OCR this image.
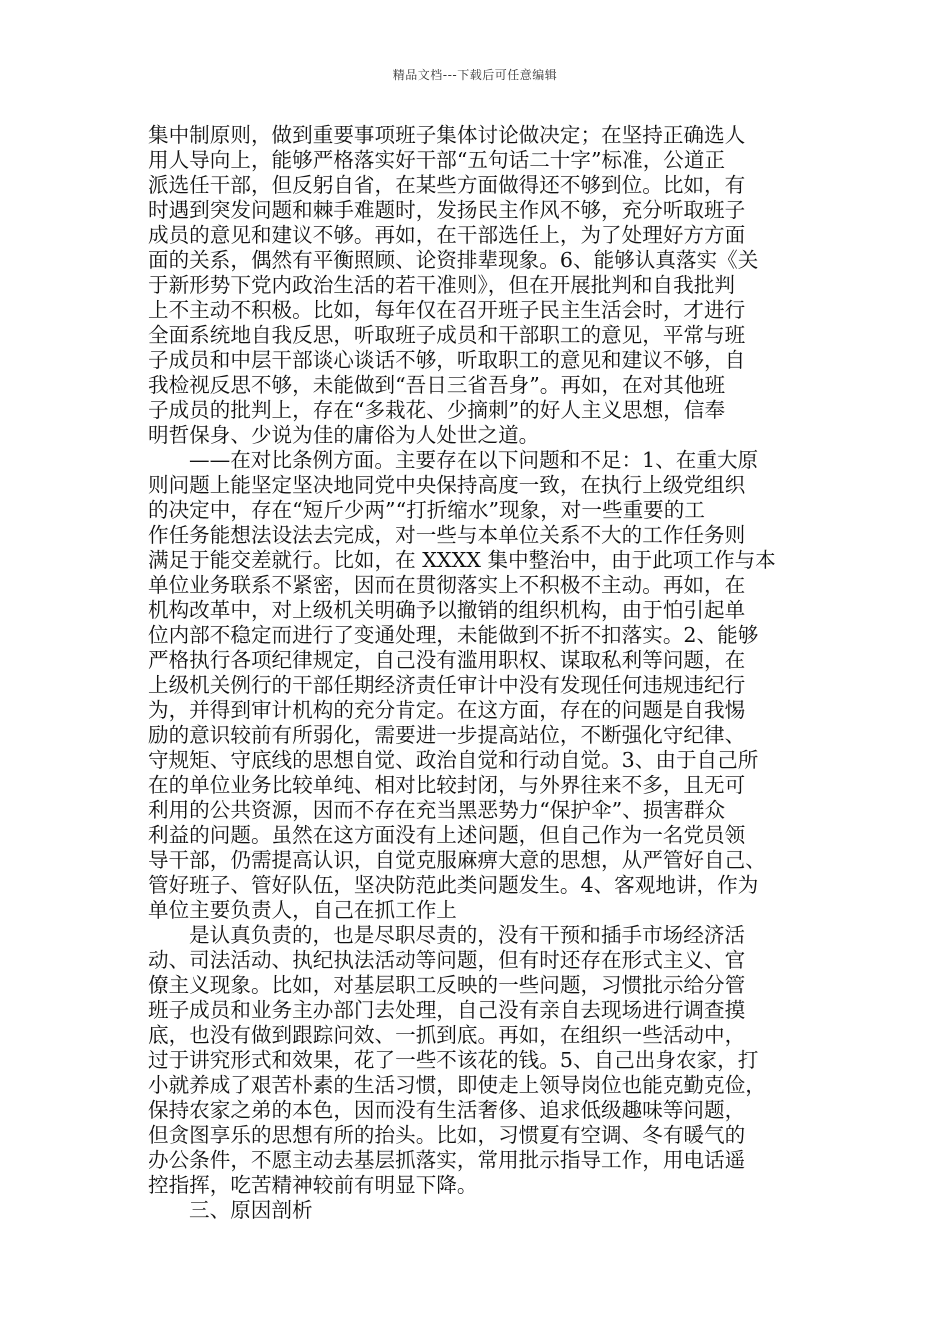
精品文档---下载后可任意编辑
集中制原则，做到重要事项班子集体讨论做决定；在坚持正确选人
用人导向上，能够严格落实好干部“五句话二十字”标准，公道正
派选任干部，但反躬自省，在某些方面做得还不够到位。比如，有
时遇到突发问题和棘手难题时，发扬民主作风不够，充分听取班子
成员的意见和建议不够。再如，在干部选任上，为了处理好方方面
面的关系，偶然有平衡照顾、论资排辈现象。6、能够认真落实《关
于新形势下党内政治生活的若干准则》，但在开展批判和自我批判
上不主动不积极。比如，每年仅在召开班子民主生活会时，才进行
全面系统地自我反思，听取班子成员和干部职工的意见，平常与班
子成员和中层干部谈心谈话不够，听取职工的意见和建议不够，自
我检视反思不够，未能做到“吾日三省吾身”。再如，在对其他班
子成员的批判上，存在“多栽花、少摘刺”的好人主义思想，信奉
明哲保身、少说为佳的庸俗为人处世之道。
——在对比条例方面。主要存在以下问题和不足：1、在重大原
则问题上能坚定坚决地同党中央保持高度一致，在执行上级党组织
的决定中，存在“短斤少两”“打折缩水”现象，对一些重要的工
作任务能想法设法去完成，对一些与本单位关系不大的工作任务则
满足于能交差就行。比如，在 XXXX 集中整治中，由于此项工作与本
单位业务联系不紧密，因而在贯彻落实上不积极不主动。再如，在
机构改革中，对上级机关明确予以撤销的组织机构，由于怕引起单
位内部不稳定而进行了变通处理，未能做到不折不扣落实。2、能够
严格执行各项纪律规定，自己没有滥用职权、谋取私利等问题，在
上级机关例行的干部任期经济责任审计中没有发现任何违规违纪行
为，并得到审计机构的充分肯定。在这方面，存在的问题是自我惕
励的意识较前有所弱化，需要进一步提高站位，不断强化守纪律、
守规矩、守底线的思想自觉、政治自觉和行动自觉。3、由于自己所
在的单位业务比较单纯、相对比较封闭，与外界往来不多，且无可
利用的公共资源，因而不存在充当黑恶势力“保护伞”、损害群众
利益的问题。虽然在这方面没有上述问题，但自己作为一名党员领
导干部，仍需提高认识，自觉克服麻痹大意的思想，从严管好自己、
管好班子、管好队伍，坚决防范此类问题发生。4、客观地讲，作为
单位主要负责人，自己在抓工作上
是认真负责的，也是尽职尽责的，没有干预和插手市场经济活
动、司法活动、执纪执法活动等问题，但有时还存在形式主义、官
僚主义现象。比如，对基层职工反映的一些问题，习惯批示给分管
班子成员和业务主办部门去处理，自己没有亲自去现场进行调查摸
底，也没有做到跟踪问效、一抓到底。再如，在组织一些活动中，
过于讲究形式和效果，花了一些不该花的钱。5、自己出身农家，打
小就养成了艰苦朴素的生活习惯，即使走上领导岗位也能克勤克俭，
保持农家之弟的本色，因而没有生活奢侈、追求低级趣味等问题，
但贪图享乐的思想有所的抬头。比如，习惯夏有空调、冬有暖气的
办公条件，不愿主动去基层抓落实，常用批示指导工作，用电话遥
控指挥，吃苦精神较前有明显下降。
三、原因剖析
